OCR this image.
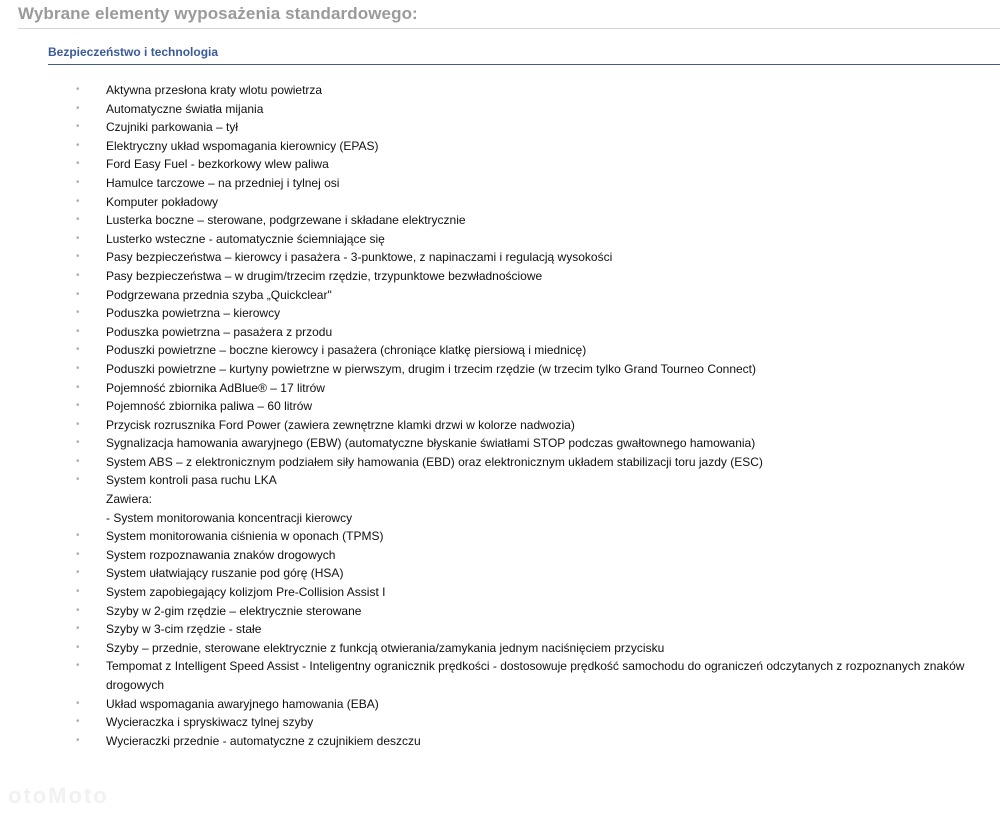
Wybrane elementy wyposażenia standardowego:
Bezpieczeństwo i technologia
• Aktywna przesłona kraty wlotu powietrza
• Automatyczne światła mijania
• Czujniki parkowania – tył
• Elektryczny układ wspomagania kierownicy (EPAS)
• Ford Easy Fuel - bezkorkowy wlew paliwa
• Hamulce tarczowe – na przedniej i tylnej osi
• Komputer pokładowy
• Lusterka boczne – sterowane, podgrzewane i składane elektrycznie
• Lusterko wsteczne - automatycznie ściemniające się
• Pasy bezpieczeństwa – kierowcy i pasażera - 3-punktowe, z napinaczami i regulacją wysokości
• Pasy bezpieczeństwa – w drugim/trzecim rzędzie, trzypunktowe bezwładnościowe
• Podgrzewana przednia szyba „Quickclear"
• Poduszka powietrzna – kierowcy
• Poduszka powietrzna – pasażera z przodu
• Poduszki powietrzne – boczne kierowcy i pasażera (chroniące klatkę piersiową i miednicę)
• Poduszki powietrzne – kurtyny powietrzne w pierwszym, drugim i trzecim rzędzie (w trzecim tylko Grand Tourneo Connect)
• Pojemność zbiornika AdBlue® – 17 litrów
• Pojemność zbiornika paliwa – 60 litrów
• Przycisk rozrusznika Ford Power (zawiera zewnętrzne klamki drzwi w kolorze nadwozia)
• Sygnalizacja hamowania awaryjnego (EBW) (automatyczne błyskanie światłami STOP podczas gwałtownego hamowania)
• System ABS – z elektronicznym podziałem siły hamowania (EBD) oraz elektronicznym układem stabilizacji toru jazdy (ESC)
• System kontroli pasa ruchu LKA
Zawiera:
- System monitorowania koncentracji kierowcy
• System monitorowania ciśnienia w oponach (TPMS)
• System rozpoznawania znaków drogowych
• System ułatwiający ruszanie pod górę (HSA)
• System zapobiegający kolizjom Pre-Collision Assist I
• Szyby w 2-gim rzędzie – elektrycznie sterowane
• Szyby w 3-cim rzędzie - stałe
• Szyby – przednie, sterowane elektrycznie z funkcją otwierania/zamykania jednym naciśnięciem przycisku
• Tempomat z Intelligent Speed Assist - Inteligentny ogranicznik prędkości - dostosowuje prędkość samochodu do ograniczeń odczytanych z rozpoznanych znaków drogowych
• Układ wspomagania awaryjnego hamowania (EBA)
• Wycieraczka i spryskiwacz tylnej szyby
• Wycieraczki przednie - automatyczne z czujnikiem deszczu
otoMoto
